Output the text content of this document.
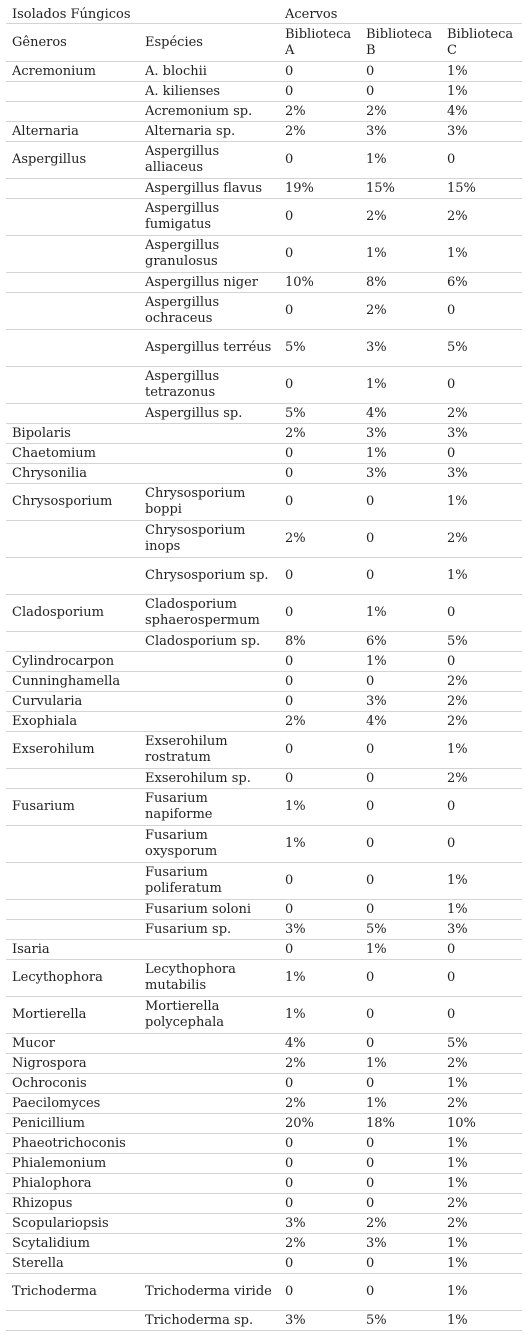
Isolados Fúngicos		Acervos		
Gêneros	Espécies	Biblioteca A	Biblioteca B	Biblioteca C
Acremonium	A. blochii	0	0	1%
	A. kilienses	0	0	1%
	Acremonium sp.	2%	2%	4%
Alternaria	Alternaria sp.	2%	3%	3%
Aspergillus	Aspergillus alliaceus	0	1%	0
	Aspergillus flavus	19%	15%	15%
	Aspergillus fumigatus	0	2%	2%
	Aspergillus granulosus	0	1%	1%
	Aspergillus niger	10%	8%	6%
	Aspergillus ochraceus	0	2%	0
	Aspergillus terréus	5%	3%	5%
	Aspergillus tetrazonus	0	1%	0
	Aspergillus sp.	5%	4%	2%
Bipolaris		2%	3%	3%
Chaetomium		0	1%	0
Chrysonilia		0	3%	3%
Chrysosporium	Chrysosporium boppi	0	0	1%
	Chrysosporium inops	2%	0	2%
	Chrysosporium sp.	0	0	1%
Cladosporium	Cladosporium sphaerospermum	0	1%	0
	Cladosporium sp.	8%	6%	5%
Cylindrocarpon		0	1%	0
Cunninghamella		0	0	2%
Curvularia		0	3%	2%
Exophiala		2%	4%	2%
Exserohilum	Exserohilum rostratum	0	0	1%
	Exserohilum sp.	0	0	2%
Fusarium	Fusarium napiforme	1%	0	0
	Fusarium oxysporum	1%	0	0
	Fusarium poliferatum	0	0	1%
	Fusarium soloni	0	0	1%
	Fusarium sp.	3%	5%	3%
Isaria		0	1%	0
Lecythophora	Lecythophora mutabilis	1%	0	0
Mortierella	Mortierella polycephala	1%	0	0
Mucor		4%	0	5%
Nigrospora		2%	1%	2%
Ochroconis		0	0	1%
Paecilomyces		2%	1%	2%
Penicillium		20%	18%	10%
Phaeotrichoconis		0	0	1%
Phialemonium		0	0	1%
Phialophora		0	0	1%
Rhizopus		0	0	2%
Scopulariopsis		3%	2%	2%
Scytalidium		2%	3%	1%
Sterella		0	0	1%
Trichoderma	Trichoderma viride	0	0	1%
	Trichoderma sp.	3%	5%	1%
